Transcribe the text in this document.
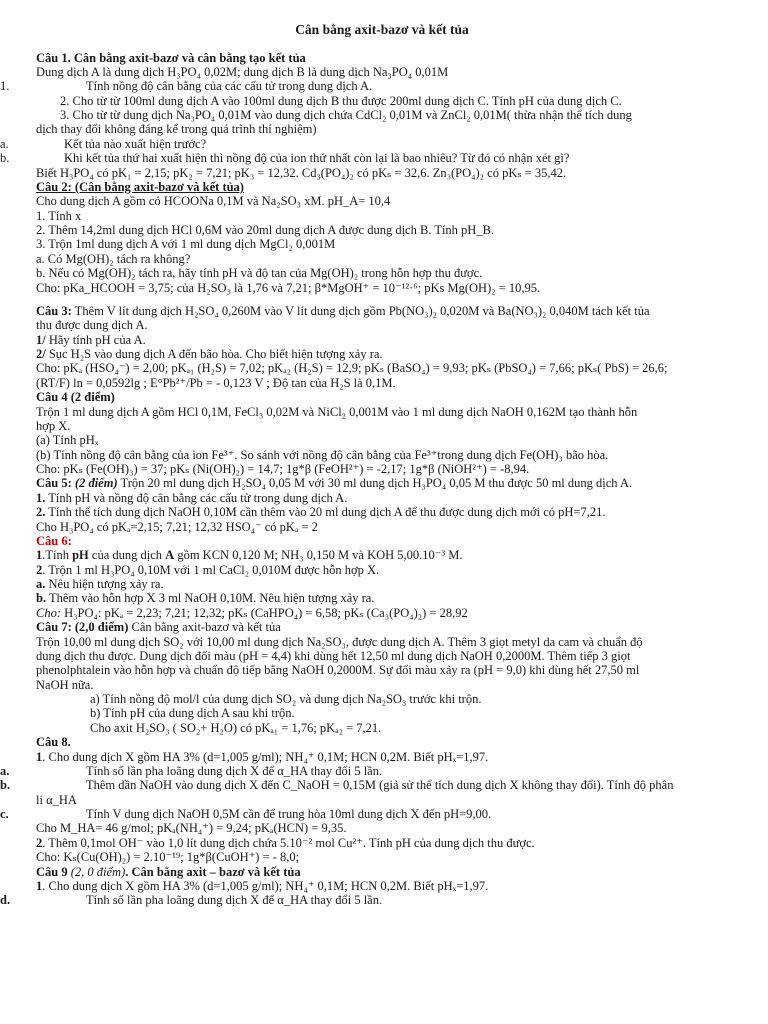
Cân bằng axit-bazơ và kết tủa
Câu 1. Cân bằng axit-bazơ và cân bằng tạo kết tủa
Dung dịch A là dung dịch H₃PO₄ 0,02M; dung dịch B là dung dịch Na₃PO₄ 0,01M
1.	Tính nồng độ cân bằng của các cấu tử trong dung dịch A.
2. Cho từ từ 100ml dung dịch A vào 100ml dung dịch B thu được 200ml dung dịch C. Tính pH của dung dịch C.
3. Cho từ từ dung dịch Na₃PO₄ 0,01M vào dung dịch chứa CdCl₂ 0,01M và ZnCl₂ 0,01M( thừa nhận thể tích dung
dịch thay đổi không đáng kể trong quá trình thí nghiệm)
a.	Kết tủa nào xuất hiện trước?
b.	Khi kết tủa thứ hai xuất hiện thì nồng độ của ion thứ nhất còn lại là bao nhiêu? Từ đó có nhận xét gì?
Biết H₃PO₄ có pK₁ = 2,15; pK₂ = 7,21; pK₃ = 12,32. Cd₃(PO₄)₂ có pKₛ = 32,6. Zn₃(PO₄)₂ có pKₛ = 35,42.
Câu 2: (Cân bằng axit-bazơ và kết tủa)
Cho dung dịch A gồm có HCOONa 0,1M và Na₂SO₃ xM. pH_A= 10,4
1. Tính x
2. Thêm 14,2ml dung dịch HCl 0,6M vào 20ml dung dịch A được dung dịch B. Tính pH_B.
3. Trộn 1ml dung dịch A với 1 ml dung dịch MgCl₂ 0,001M
a. Có Mg(OH)₂ tách ra không?
b. Nếu có Mg(OH)₂ tách ra, hãy tính pH và độ tan của Mg(OH)₂ trong hỗn hợp thu được.
Cho: pKa_HCOOH = 3,75; của H₂SO₃ là 1,76 và 7,21; β*MgOH⁺ = 10⁻¹²·⁶; pKs Mg(OH)₂ = 10,95.
Câu 3: Thêm V lít dung dịch H₂SO₄ 0,260M vào V lít dung dịch gồm Pb(NO₃)₂ 0,020M và Ba(NO₃)₂ 0,040M tách kết tủa
thu được dung dịch A.
1/ Hãy tính pH của A.
2/ Sục H₂S vào dung dịch A đến bão hòa. Cho biết hiện tượng xảy ra.
Cho: pKₐ (HSO₄⁻) = 2,00; pKₐ₁ (H₂S) = 7,02; pKₐ₂ (H₂S) = 12,9; pKₛ (BaSO₄) = 9,93; pKₛ (PbSO₄) = 7,66; pKₛ( PbS) = 26,6;
(RT/F) ln = 0,0592lg ; E°Pb²⁺/Pb = - 0,123 V ; Độ tan của H₂S là 0,1M.
Câu 4 (2 điểm)
Trộn 1 ml dung dịch A gồm HCl 0,1M, FeCl₃ 0,02M và NiCl₂ 0,001M vào 1 ml dung dịch NaOH 0,162M tạo thành hỗn
hợp X.
(a) Tính pHₓ
(b) Tính nồng độ cân bằng của ion Fe³⁺. So sánh với nồng độ cân bằng của Fe³⁺trong dung dịch Fe(OH)₃ bão hòa.
Cho: pKₛ (Fe(OH)₃) = 37; pKₛ (Ni(OH)₂) = 14,7; 1g*β (FeOH²⁺) = -2,17; 1g*β (NiOH²⁺) = -8,94.
Câu 5: (2 điểm) Trộn 20 ml dung dịch H₂SO₄ 0,05 M với 30 ml dung dịch H₃PO₄ 0,05 M thu được 50 ml dung dịch A.
1. Tính pH và nồng độ cân bằng các cấu tử trong dung dịch A.
2. Tính thể tích dung dịch NaOH 0,10M cần thêm vào 20 ml dung dịch A để thu được dung dịch mới có pH=7,21.
Cho H₃PO₄ có pKₐ=2,15; 7,21; 12,32 HSO₄⁻ có pKₐ = 2
Câu 6:
1.Tính pH của dung dịch A gồm KCN 0,120 M; NH₃ 0,150 M và KOH 5,00.10⁻³ M.
2. Trộn 1 ml H₃PO₄ 0,10M với 1 ml CaCl₂ 0,010M được hỗn hợp X.
a. Nêu hiện tượng xảy ra.
b. Thêm vào hỗn hợp X 3 ml NaOH 0,10M. Nêu hiện tượng xảy ra.
Cho: H₃PO₄: pKₐ = 2,23; 7,21; 12,32; pKₛ (CaHPO₄) = 6,58; pKₛ (Ca₃(PO₄)₂) = 28,92
Câu 7: (2,0 điểm) Cân bằng axit-bazơ và kết tủa
Trộn 10,00 ml dung dịch SO₂ với 10,00 ml dung dịch Na₂SO₃, được dung dịch A. Thêm 3 giọt metyl da cam và chuẩn độ
dung dịch thu được. Dung dịch đổi màu (pH = 4,4) khi dùng hết 12,50 ml dung dịch NaOH 0,2000M. Thêm tiếp 3 giọt
phenolphtalein vào hỗn hợp và chuẩn độ tiếp bằng NaOH 0,2000M. Sự đổi màu xảy ra (pH = 9,0) khi dùng hết 27,50 ml
NaOH nữa.
a) Tính nồng độ mol/l của dung dịch SO₂ và dung dịch Na₂SO₃ trước khi trộn.
b) Tính pH của dung dịch A sau khi trộn.
Cho axit H₂SO₃ ( SO₂+ H₂O) có pKₐ₁ = 1,76; pKₐ₂ = 7,21.
Câu 8.
1. Cho dung dịch X gồm HA 3% (d=1,005 g/ml); NH₄⁺ 0,1M; HCN 0,2M. Biết pHₓ=1,97.
a.	Tính số lần pha loãng dung dịch X để α_HA thay đổi 5 lần.
b.	Thêm dần NaOH vào dung dịch X đến C_NaOH = 0,15M (giả sử thể tích dung dịch X không thay đổi). Tính độ phân
li α_HA
c.	Tính V dung dịch NaOH 0,5M cần để trung hòa 10ml dung dịch X đến pH=9,00.
Cho M_HA= 46 g/mol; pKₐ(NH₄⁺) = 9,24; pKₐ(HCN) = 9,35.
2. Thêm 0,1mol OH⁻ vào 1,0 lít dung dịch chứa 5.10⁻² mol Cu²⁺. Tính pH của dung dịch thu được.
Cho: Kₛ(Cu(OH)₂) = 2.10⁻¹⁹; 1g*β(CuOH⁺) = - 8,0;
Câu 9 (2, 0 điểm). Cân bằng axit – bazơ và kết tủa
1. Cho dung dịch X gồm HA 3% (d=1,005 g/ml); NH₄⁺ 0,1M; HCN 0,2M. Biết pHₓ=1,97.
d.	Tính số lần pha loãng dung dịch X để α_HA thay đổi 5 lần.
